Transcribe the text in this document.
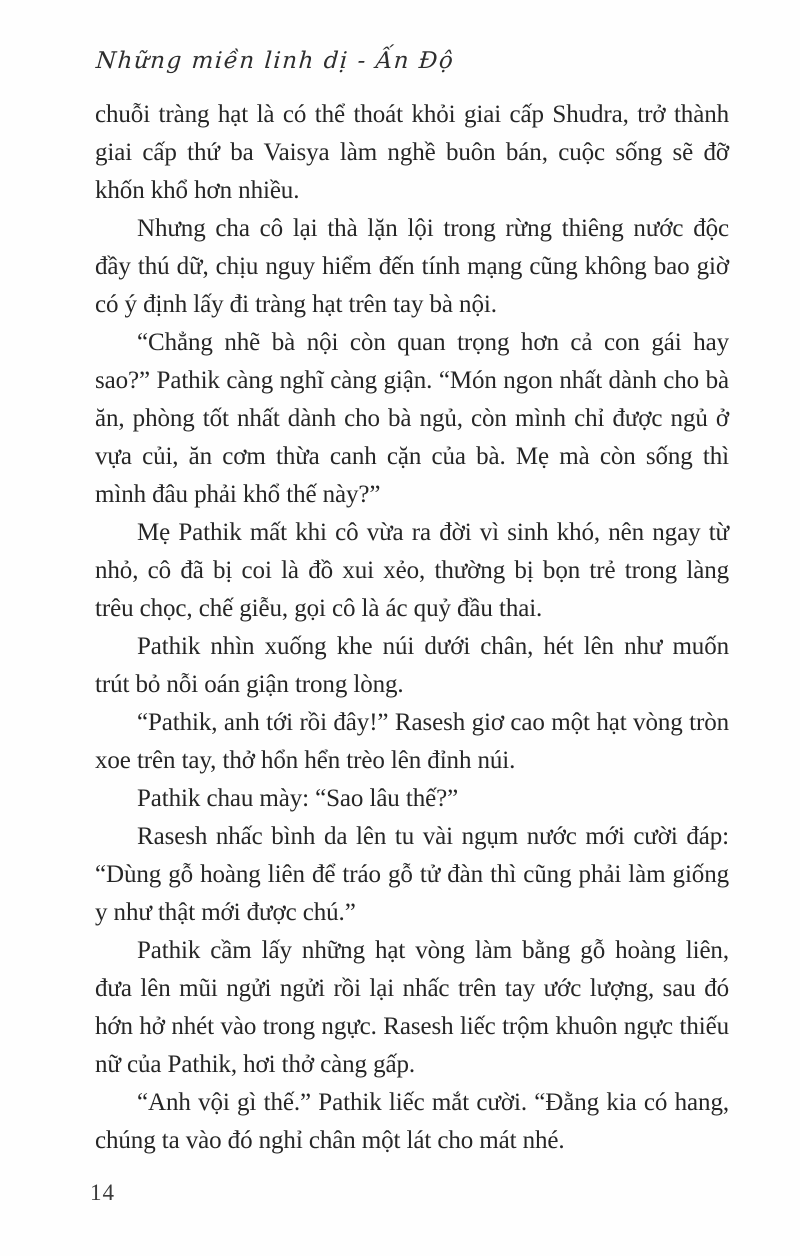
Những miền linh dị - Ấn Độ

chuỗi tràng hạt là có thể thoát khỏi giai cấp Shudra, trở thành giai cấp thứ ba Vaisya làm nghề buôn bán, cuộc sống sẽ đỡ khốn khổ hơn nhiều.

Nhưng cha cô lại thà lặn lội trong rừng thiêng nước độc đầy thú dữ, chịu nguy hiểm đến tính mạng cũng không bao giờ có ý định lấy đi tràng hạt trên tay bà nội.

“Chẳng nhẽ bà nội còn quan trọng hơn cả con gái hay sao?” Pathik càng nghĩ càng giận. “Món ngon nhất dành cho bà ăn, phòng tốt nhất dành cho bà ngủ, còn mình chỉ được ngủ ở vựa củi, ăn cơm thừa canh cặn của bà. Mẹ mà còn sống thì mình đâu phải khổ thế này?”

Mẹ Pathik mất khi cô vừa ra đời vì sinh khó, nên ngay từ nhỏ, cô đã bị coi là đồ xui xẻo, thường bị bọn trẻ trong làng trêu chọc, chế giễu, gọi cô là ác quỷ đầu thai.

Pathik nhìn xuống khe núi dưới chân, hét lên như muốn trút bỏ nỗi oán giận trong lòng.

“Pathik, anh tới rồi đây!” Rasesh giơ cao một hạt vòng tròn xoe trên tay, thở hổn hển trèo lên đỉnh núi.

Pathik chau mày: “Sao lâu thế?”

Rasesh nhấc bình da lên tu vài ngụm nước mới cười đáp: “Dùng gỗ hoàng liên để tráo gỗ tử đàn thì cũng phải làm giống y như thật mới được chú.”

Pathik cầm lấy những hạt vòng làm bằng gỗ hoàng liên, đưa lên mũi ngửi ngửi rồi lại nhấc trên tay ước lượng, sau đó hớn hở nhét vào trong ngực. Rasesh liếc trộm khuôn ngực thiếu nữ của Pathik, hơi thở càng gấp.

“Anh vội gì thế.” Pathik liếc mắt cười. “Đằng kia có hang, chúng ta vào đó nghỉ chân một lát cho mát nhé.

14
